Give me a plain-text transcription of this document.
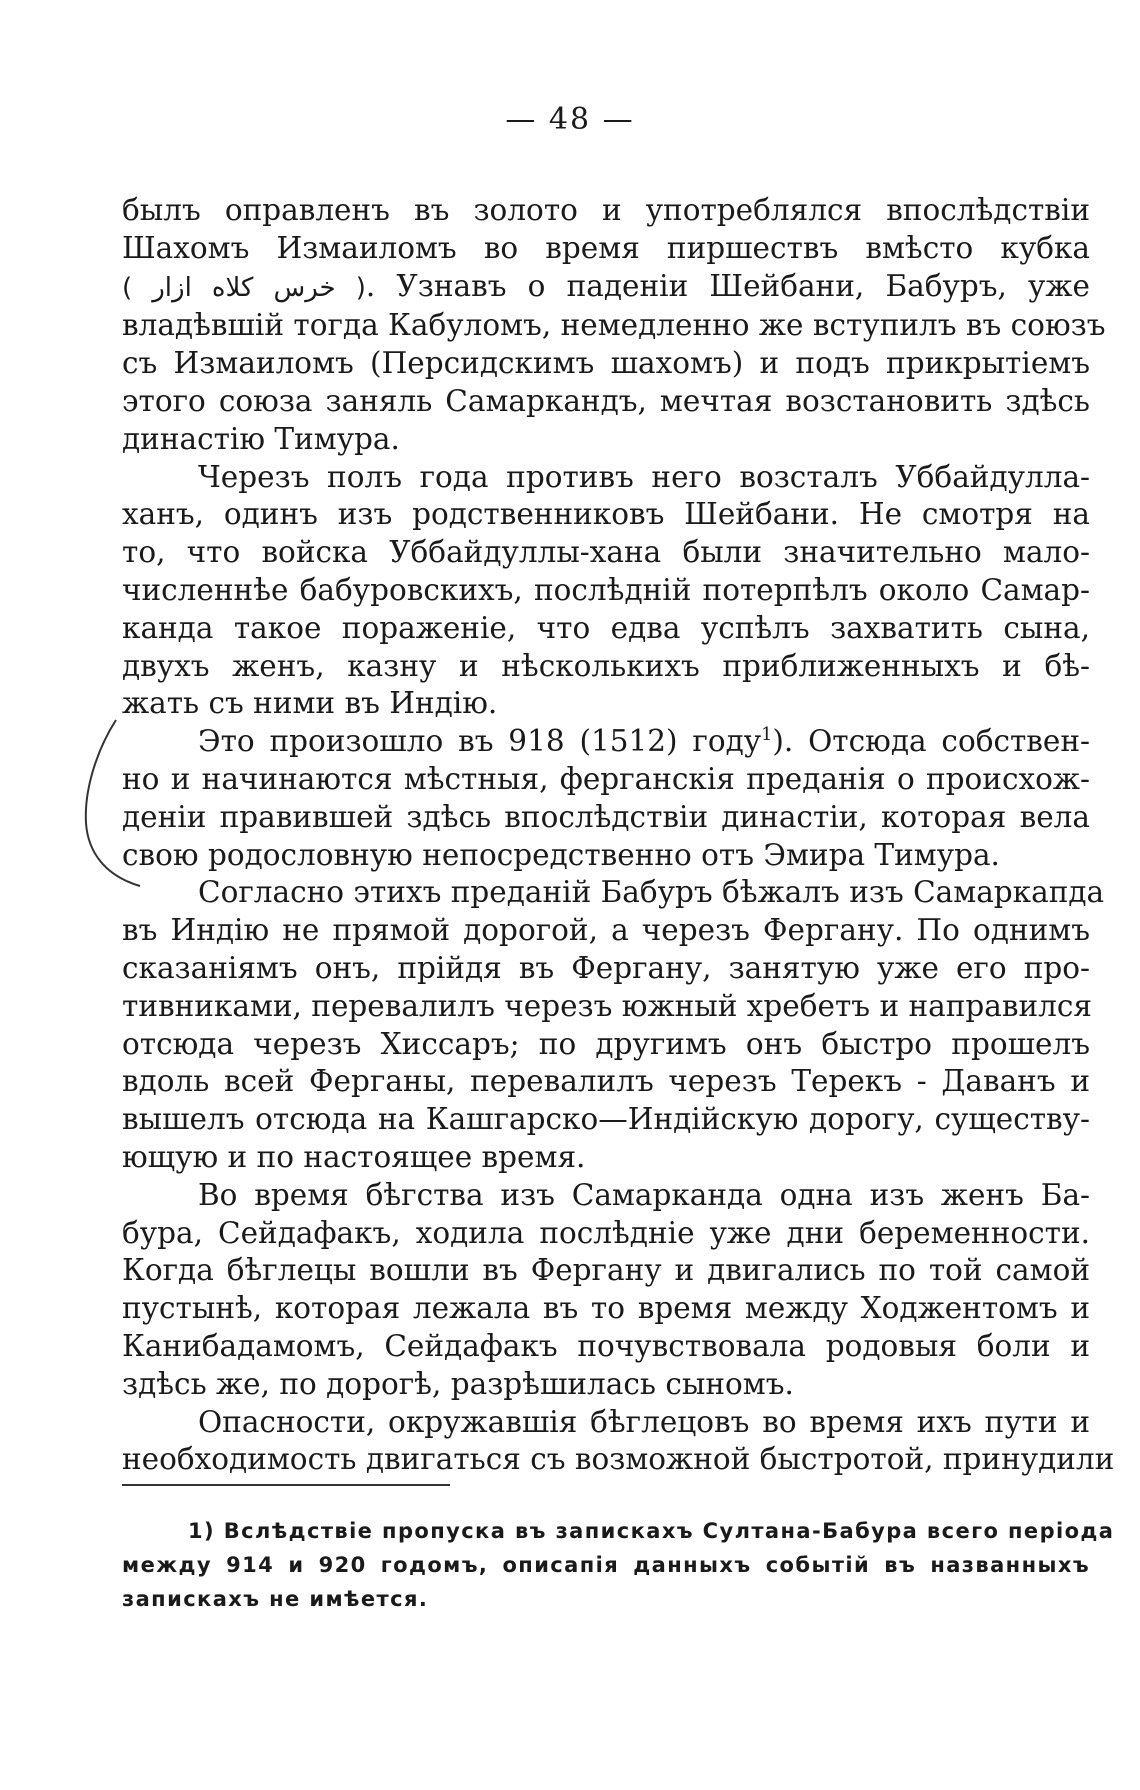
— 48 —

былъ оправленъ въ золото и употреблялся впослѣдствіи
Шахомъ Измаиломъ во время пиршествъ вмѣсто кубка
( خرس کلاه ازار ). Узнавъ о паденіи Шейбани, Бабуръ, уже
владѣвшій тогда Кабуломъ, немедленно же вступилъ въ союзъ
съ Измаиломъ (Персидскимъ шахомъ) и подъ прикрытіемъ
этого союза заняль Самаркандъ, мечтая возстановить здѣсь
династію Тимура.

Черезъ полъ года противъ него возсталъ Уббайдулла-
ханъ, одинъ изъ родственниковъ Шейбани. Не смотря на
то, что войска Уббайдуллы-хана были значительно мало-
численнѣе бабуровскихъ, послѣдній потерпѣлъ около Самар-
канда такое пораженіе, что едва успѣлъ захватить сына,
двухъ женъ, казну и нѣсколькихъ приближенныхъ и бѣ-
жать съ ними въ Индію.

Это произошло въ 918 (1512) году$^1$). Отсюда собствен-
но и начинаются мѣстныя, ферганскія преданія о происхож-
деніи правившей здѣсь впослѣдствіи династіи, которая вела
свою родословную непосредственно отъ Эмира Тимура.

Согласно этихъ преданій Бабуръ бѣжалъ изъ Самаркапда
въ Индію не прямой дорогой, а черезъ Фергану. По однимъ
сказаніямъ онъ, прійдя въ Фергану, занятую уже его про-
тивниками, перевалилъ черезъ южный хребетъ и направился
отсюда черезъ Хиссаръ; по другимъ онъ быстро прошелъ
вдоль всей Ферганы, перевалилъ черезъ Терекъ - Даванъ и
вышелъ отсюда на Кашгарско—Индійскую дорогу, существу-
ющую и по настоящее время.

Во время бѣгства изъ Самарканда одна изъ женъ Ба-
бура, Сейдафакъ, ходила послѣдніе уже дни беременности.
Когда бѣглецы вошли въ Фергану и двигались по той самой
пустынѣ, которая лежала въ то время между Ходжентомъ и
Канибадамомъ, Сейдафакъ почувствовала родовыя боли и
здѣсь же, по дорогѣ, разрѣшилась сыномъ.

Опасности, окружавшія бѣглецовъ во время ихъ пути и
необходимость двигаться съ возможной быстротой, принудили

1) Вслѣдствіе пропуска въ запискахъ Султана-Бабура всего періода
между 914 и 920 годомъ, описапія данныхъ событій въ названныхъ
запискахъ не имѣется.
